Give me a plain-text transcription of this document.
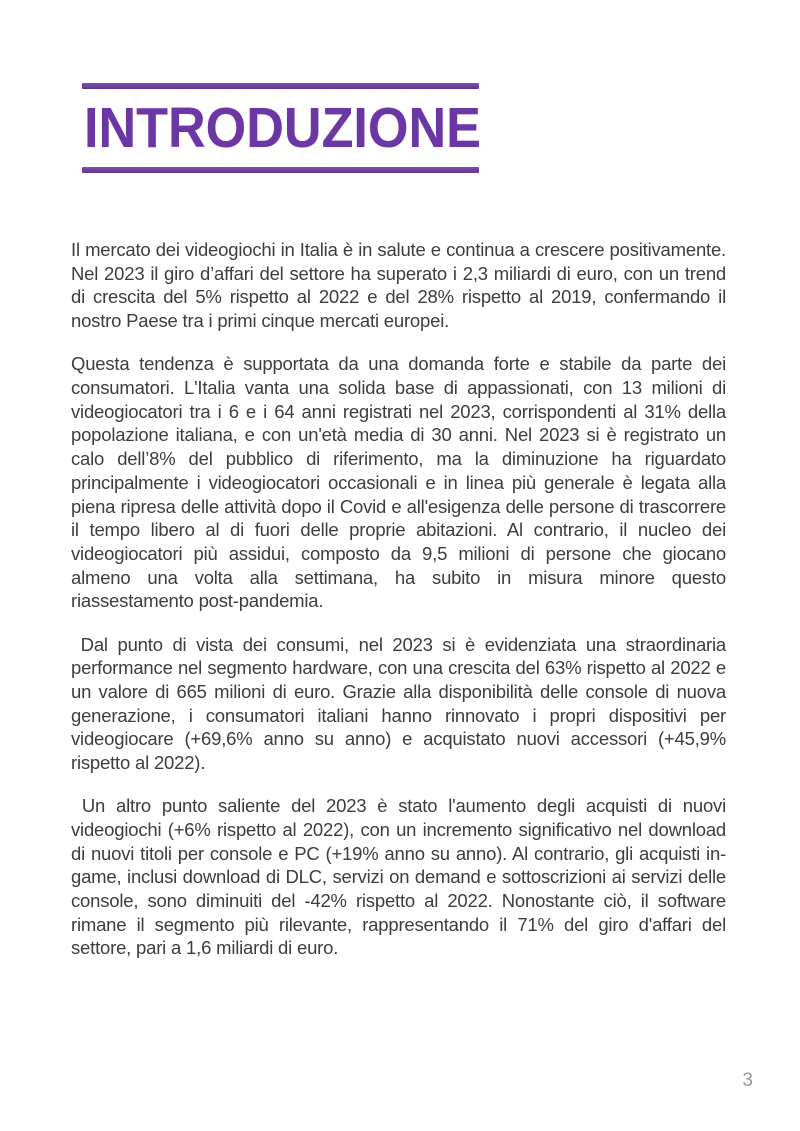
INTRODUZIONE

Il mercato dei videogiochi in Italia è in salute e continua a crescere positivamente. Nel 2023 il giro d’affari del settore ha superato i 2,3 miliardi di euro, con un trend di crescita del 5% rispetto al 2022 e del 28% rispetto al 2019, confermando il nostro Paese tra i primi cinque mercati europei.

Questa tendenza è supportata da una domanda forte e stabile da parte dei consumatori. L'Italia vanta una solida base di appassionati, con 13 milioni di videogiocatori tra i 6 e i 64 anni registrati nel 2023, corrispondenti al 31% della popolazione italiana, e con un'età media di 30 anni. Nel 2023 si è registrato un calo dell’8% del pubblico di riferimento, ma la diminuzione ha riguardato principalmente i videogiocatori occasionali e in linea più generale è legata alla piena ripresa delle attività dopo il Covid e all'esigenza delle persone di trascorrere il tempo libero al di fuori delle proprie abitazioni. Al contrario, il nucleo dei videogiocatori più assidui, composto da 9,5 milioni di persone che giocano almeno una volta alla settimana, ha subito in misura minore questo riassestamento post-pandemia.

Dal punto di vista dei consumi, nel 2023 si è evidenziata una straordinaria performance nel segmento hardware, con una crescita del 63% rispetto al 2022 e un valore di 665 milioni di euro. Grazie alla disponibilità delle console di nuova generazione, i consumatori italiani hanno rinnovato i propri dispositivi per videogiocare (+69,6% anno su anno) e acquistato nuovi accessori (+45,9% rispetto al 2022).

Un altro punto saliente del 2023 è stato l'aumento degli acquisti di nuovi videogiochi (+6% rispetto al 2022), con un incremento significativo nel download di nuovi titoli per console e PC (+19% anno su anno). Al contrario, gli acquisti in-game, inclusi download di DLC, servizi on demand e sottoscrizioni ai servizi delle console, sono diminuiti del -42% rispetto al 2022. Nonostante ciò, il software rimane il segmento più rilevante, rappresentando il 71% del giro d'affari del settore, pari a 1,6 miliardi di euro.

3
